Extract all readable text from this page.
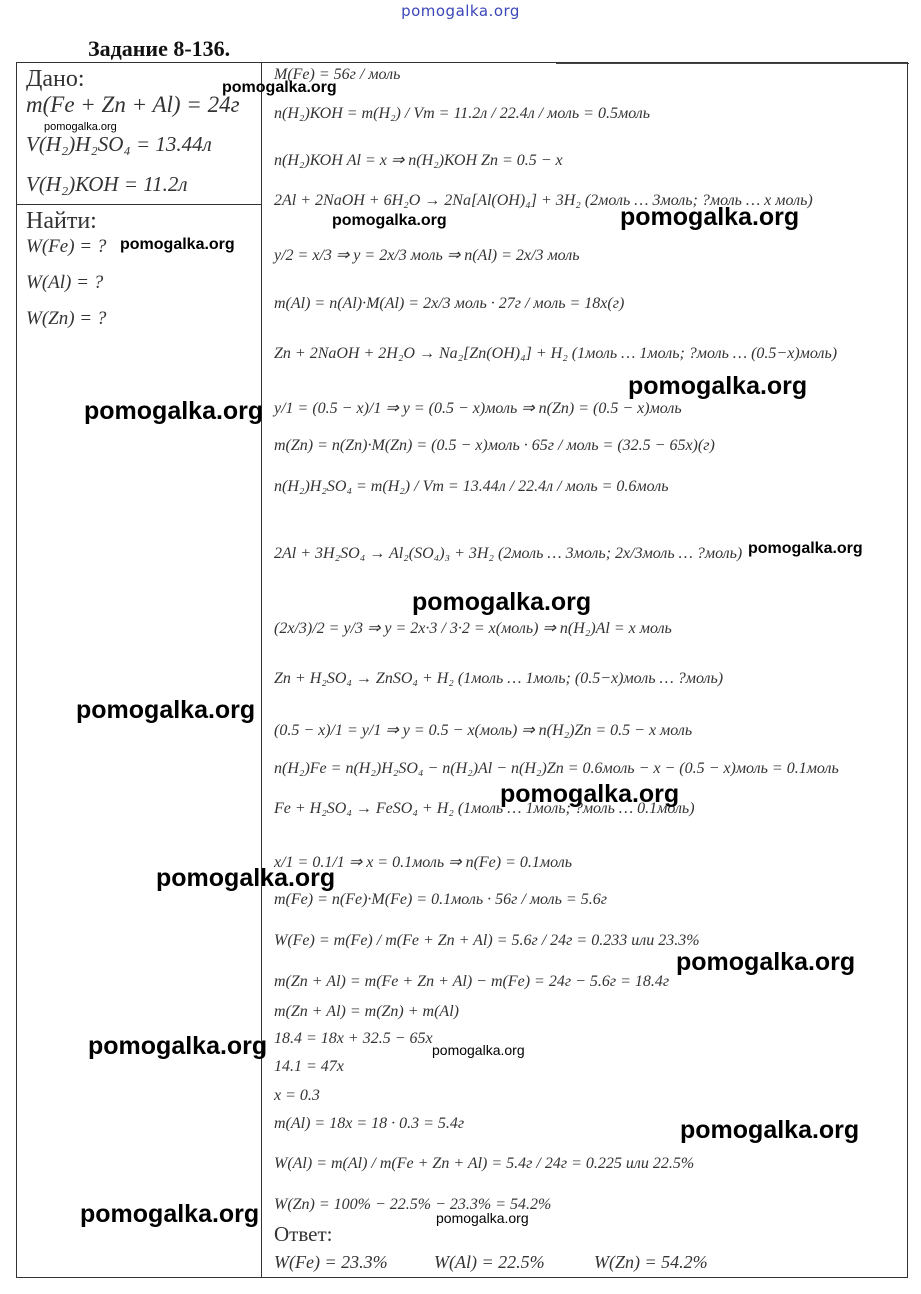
pomogalka.org
Задание 8-136.
Дано:
m(Fe + Zn + Al) = 24г
V(H₂)H₂SO₄ = 13.44л
V(H₂)КОН = 11.2л
Найти:
W(Fe) = ?
W(Al) = ?
W(Zn) = ?
M(Fe) = 56г / моль
n(H₂)КОН = m(H₂) / Vm = 11.2л / 22.4л / моль = 0.5моль
n(H₂)КОН Al = x ⇒ n(H₂)КОН Zn = 0.5 − x
2Al + 2NaOH + 6H₂O → 2Na[Al(OH)₄] + 3H₂ (2моль … 3моль; ?моль … x моль)
y/2 = x/3 ⇒ y = 2x/3 моль ⇒ n(Al) = 2x/3 моль
m(Al) = n(Al)·M(Al) = 2x/3 моль · 27г / моль = 18x(г)
Zn + 2NaOH + 2H₂O → Na₂[Zn(OH)₄] + H₂ (1моль … 1моль; ?моль … (0.5−x)моль)
y/1 = (0.5 − x)/1 ⇒ y = (0.5 − x)моль ⇒ n(Zn) = (0.5 − x)моль
m(Zn) = n(Zn)·M(Zn) = (0.5 − x)моль · 65г / моль = (32.5 − 65x)(г)
n(H₂)H₂SO₄ = m(H₂) / Vm = 13.44л / 22.4л / моль = 0.6моль
2Al + 3H₂SO₄ → Al₂(SO₄)₃ + 3H₂ (2моль … 3моль; 2x/3моль … ?моль)
(2x/3)/2 = y/3 ⇒ y = 2x·3 / 3·2 = x(моль) ⇒ n(H₂)Al = x моль
Zn + H₂SO₄ → ZnSO₄ + H₂ (1моль … 1моль; (0.5−x)моль … ?моль)
(0.5 − x)/1 = y/1 ⇒ y = 0.5 − x(моль) ⇒ n(H₂)Zn = 0.5 − x моль
n(H₂)Fe = n(H₂)H₂SO₄ − n(H₂)Al − n(H₂)Zn = 0.6моль − x − (0.5 − x)моль = 0.1моль
Fe + H₂SO₄ → FeSO₄ + H₂ (1моль … 1моль; ?моль … 0.1моль)
x/1 = 0.1/1 ⇒ x = 0.1моль ⇒ n(Fe) = 0.1моль
m(Fe) = n(Fe)·M(Fe) = 0.1моль · 56г / моль = 5.6г
W(Fe) = m(Fe) / m(Fe + Zn + Al) = 5.6г / 24г = 0.233 или 23.3%
m(Zn + Al) = m(Fe + Zn + Al) − m(Fe) = 24г − 5.6г = 18.4г
m(Zn + Al) = m(Zn) + m(Al)
18.4 = 18x + 32.5 − 65x
14.1 = 47x
x = 0.3
m(Al) = 18x = 18 · 0.3 = 5.4г
W(Al) = m(Al) / m(Fe + Zn + Al) = 5.4г / 24г = 0.225 или 22.5%
W(Zn) = 100% − 22.5% − 23.3% = 54.2%
Ответ:
W(Fe) = 23.3%	W(Al) = 22.5%	W(Zn) = 54.2%
pomogalka.org
pomogalka.org
pomogalka.org
pomogalka.org	pomogalka.org
pomogalka.org
pomogalka.org
pomogalka.org
pomogalka.org
pomogalka.org
pomogalka.org
pomogalka.org
pomogalka.org
pomogalka.org	pomogalka.org
pomogalka.org
pomogalka.org	pomogalka.org
